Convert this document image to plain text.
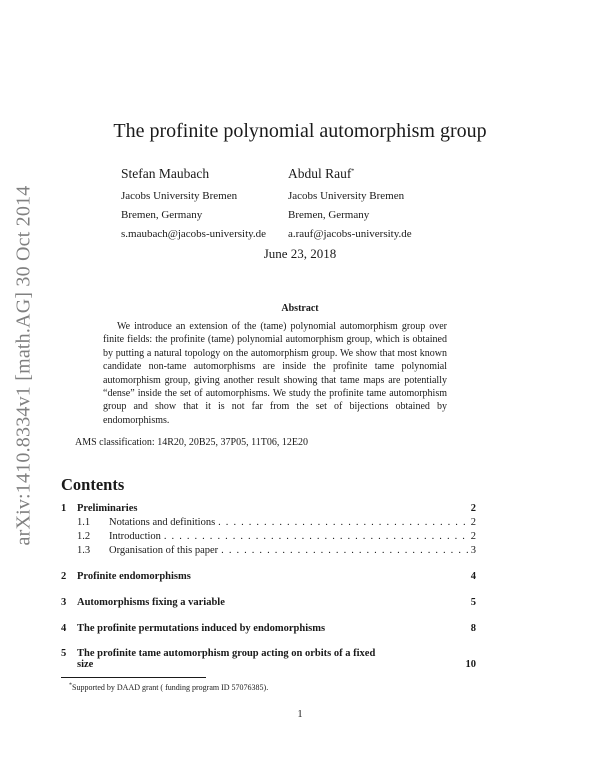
arXiv:1410.8334v1 [math.AG] 30 Oct 2014
The profinite polynomial automorphism group
Stefan Maubach
Jacobs University Bremen
Bremen, Germany
s.maubach@jacobs-university.de
Abdul Rauf*
Jacobs University Bremen
Bremen, Germany
a.rauf@jacobs-university.de
June 23, 2018
Abstract
We introduce an extension of the (tame) polynomial automorphism group over finite fields: the profinite (tame) polynomial automorphism group, which is obtained by putting a natural topology on the automorphism group. We show that most known candidate non-tame automorphisms are inside the profinite tame polynomial automorphism group, giving another result showing that tame maps are potentially “dense” inside the set of automorphisms. We study the profinite tame automorphism group and show that it is not far from the set of bijections obtained by endomorphisms.
AMS classification: 14R20, 20B25, 37P05, 11T06, 12E20
Contents
1	Preliminaries	2
1.1	Notations and definitions . . .	2
1.2	Introduction . . .	2
1.3	Organisation of this paper . . .	3
2	Profinite endomorphisms	4
3	Automorphisms fixing a variable	5
4	The profinite permutations induced by endomorphisms	8
5	The profinite tame automorphism group acting on orbits of a fixed
size	10
*Supported by DAAD grant ( funding program ID 57076385).
1
